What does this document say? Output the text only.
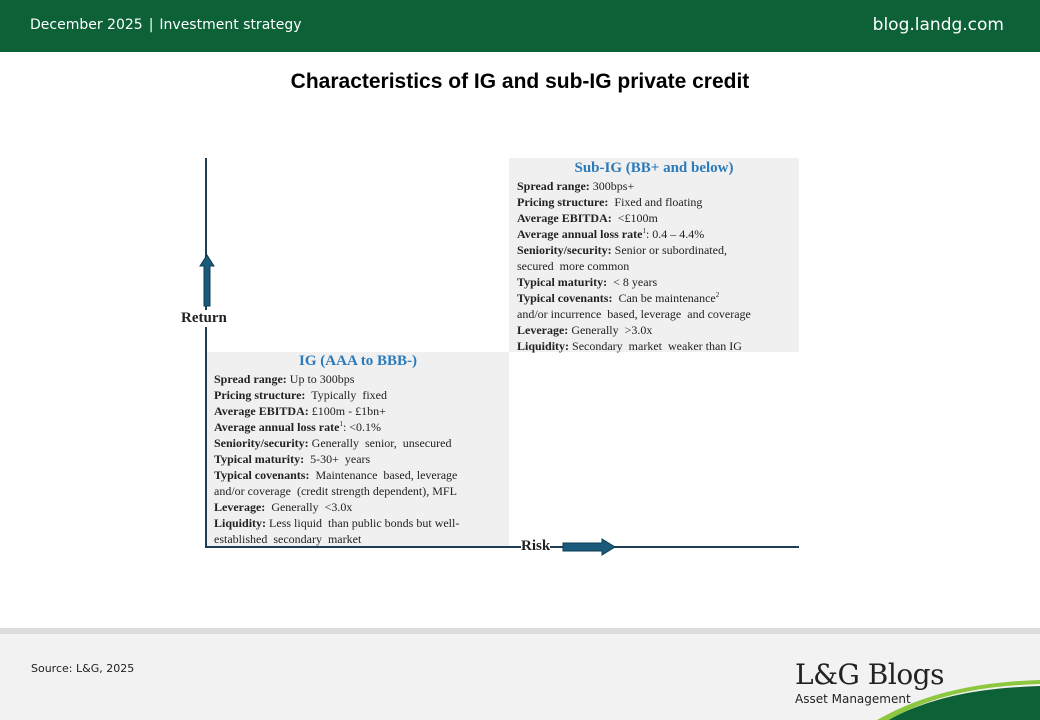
December 2025 | Investment strategy	blog.landg.com
Characteristics of IG and sub-IG private credit
Return
Sub-IG (BB+ and below)
Spread range: 300bps+
Pricing structure:  Fixed and floating
Average EBITDA:  <£100m
Average annual loss rate$^1$: 0.4 – 4.4%
Seniority/security: Senior or subordinated,
secured  more common
Typical maturity:  < 8 years
Typical covenants:  Can be maintenance$^2$
and/or incurrence  based, leverage  and coverage
Leverage: Generally  >3.0x
Liquidity: Secondary  market  weaker than IG
IG (AAA to BBB-)
Spread range: Up to 300bps
Pricing structure:  Typically  fixed
Average EBITDA: £100m - £1bn+
Average annual loss rate$^1$: <0.1%
Seniority/security: Generally  senior,  unsecured
Typical maturity:  5-30+  years
Typical covenants:  Maintenance  based, leverage
and/or coverage  (credit strength dependent), MFL
Leverage:  Generally  <3.0x
Liquidity: Less liquid  than public bonds but well-
established  secondary  market	Risk
Source: L&G, 2025	L&G Blogs
Asset Management
